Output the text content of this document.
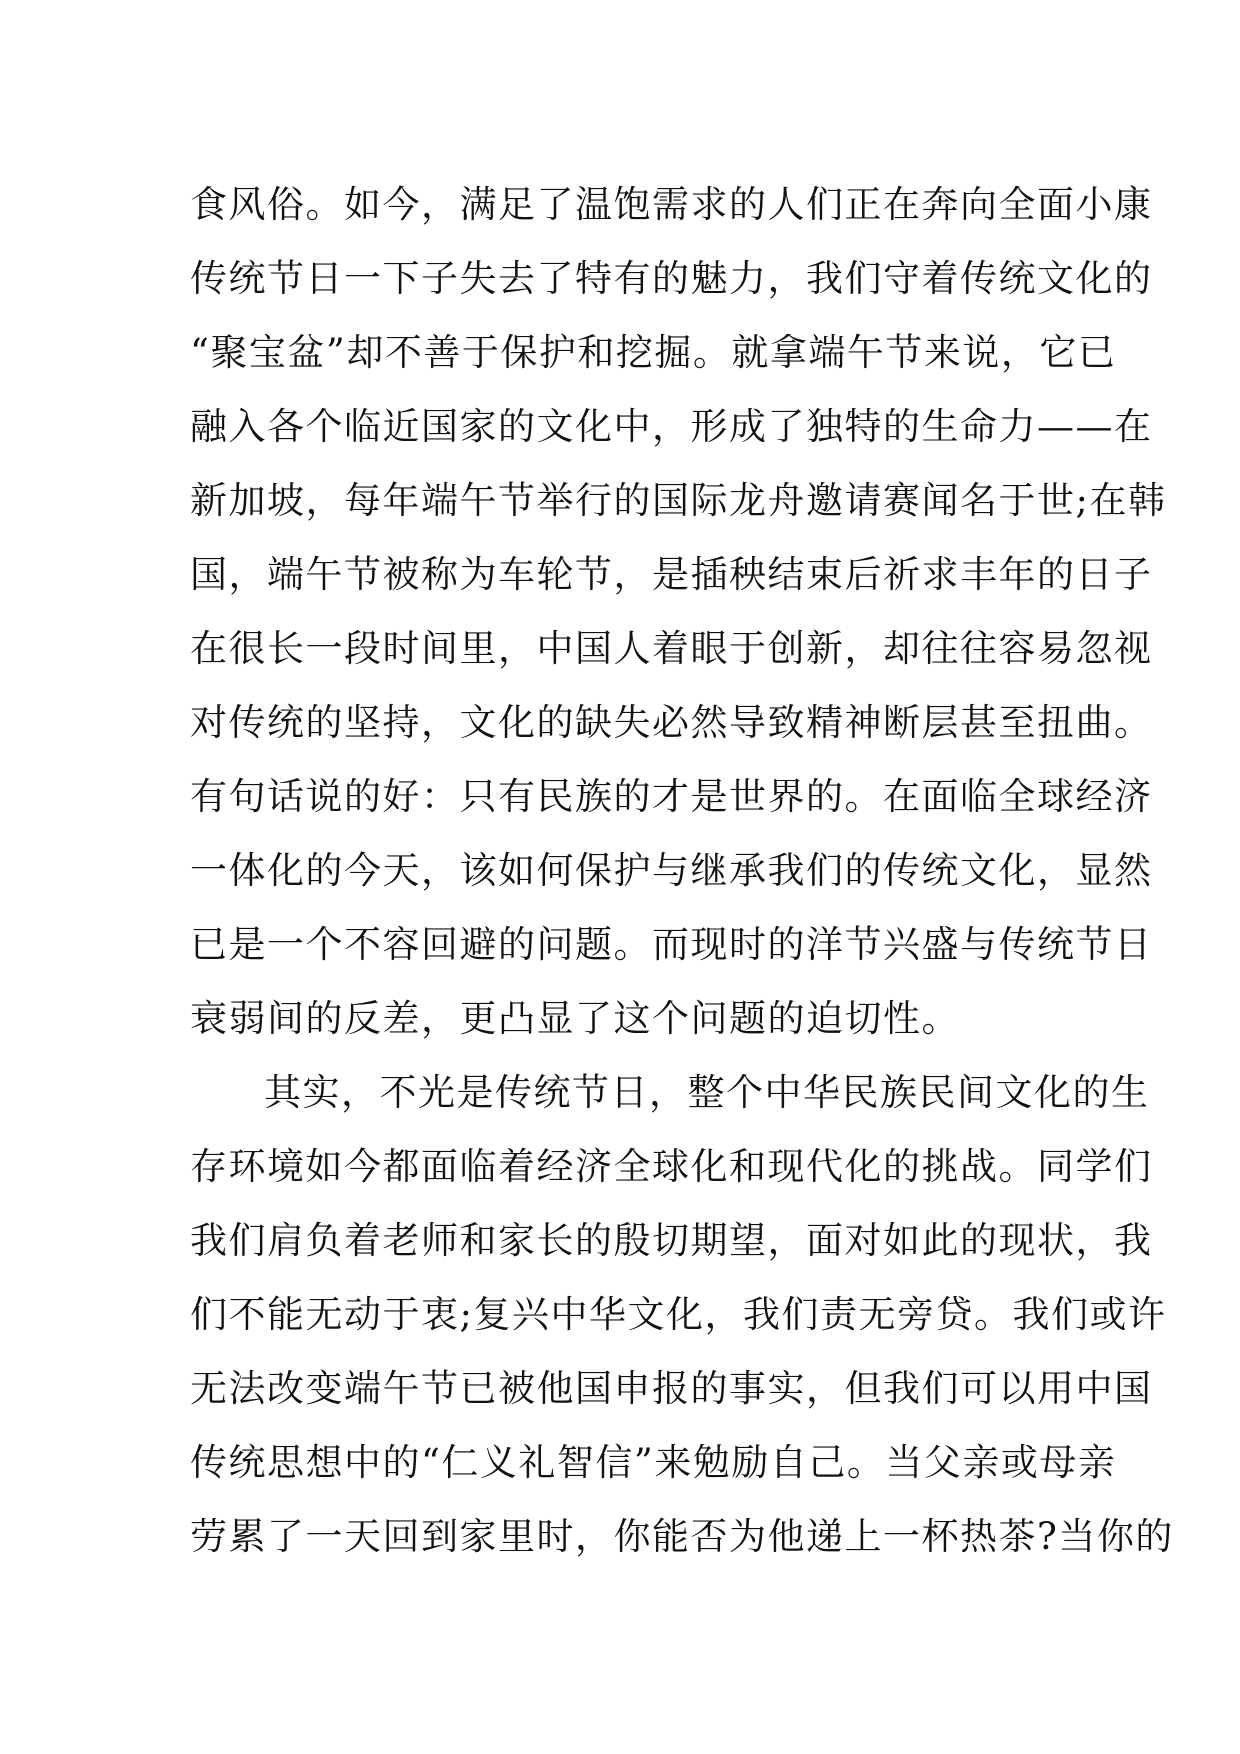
食风俗。如今，满足了温饱需求的人们正在奔向全面小康
传统节日一下子失去了特有的魅力，我们守着传统文化的
“聚宝盆”却不善于保护和挖掘。就拿端午节来说，它已
融入各个临近国家的文化中，形成了独特的生命力——在
新加坡，每年端午节举行的国际龙舟邀请赛闻名于世;在韩
国，端午节被称为车轮节，是插秧结束后祈求丰年的日子
在很长一段时间里，中国人着眼于创新，却往往容易忽视
对传统的坚持，文化的缺失必然导致精神断层甚至扭曲。
有句话说的好：只有民族的才是世界的。在面临全球经济
一体化的今天，该如何保护与继承我们的传统文化，显然
已是一个不容回避的问题。而现时的洋节兴盛与传统节日
衰弱间的反差，更凸显了这个问题的迫切性。
其实，不光是传统节日，整个中华民族民间文化的生
存环境如今都面临着经济全球化和现代化的挑战。同学们
我们肩负着老师和家长的殷切期望，面对如此的现状，我
们不能无动于衷;复兴中华文化，我们责无旁贷。我们或许
无法改变端午节已被他国申报的事实，但我们可以用中国
传统思想中的“仁义礼智信”来勉励自己。当父亲或母亲
劳累了一天回到家里时，你能否为他递上一杯热茶?当你的
